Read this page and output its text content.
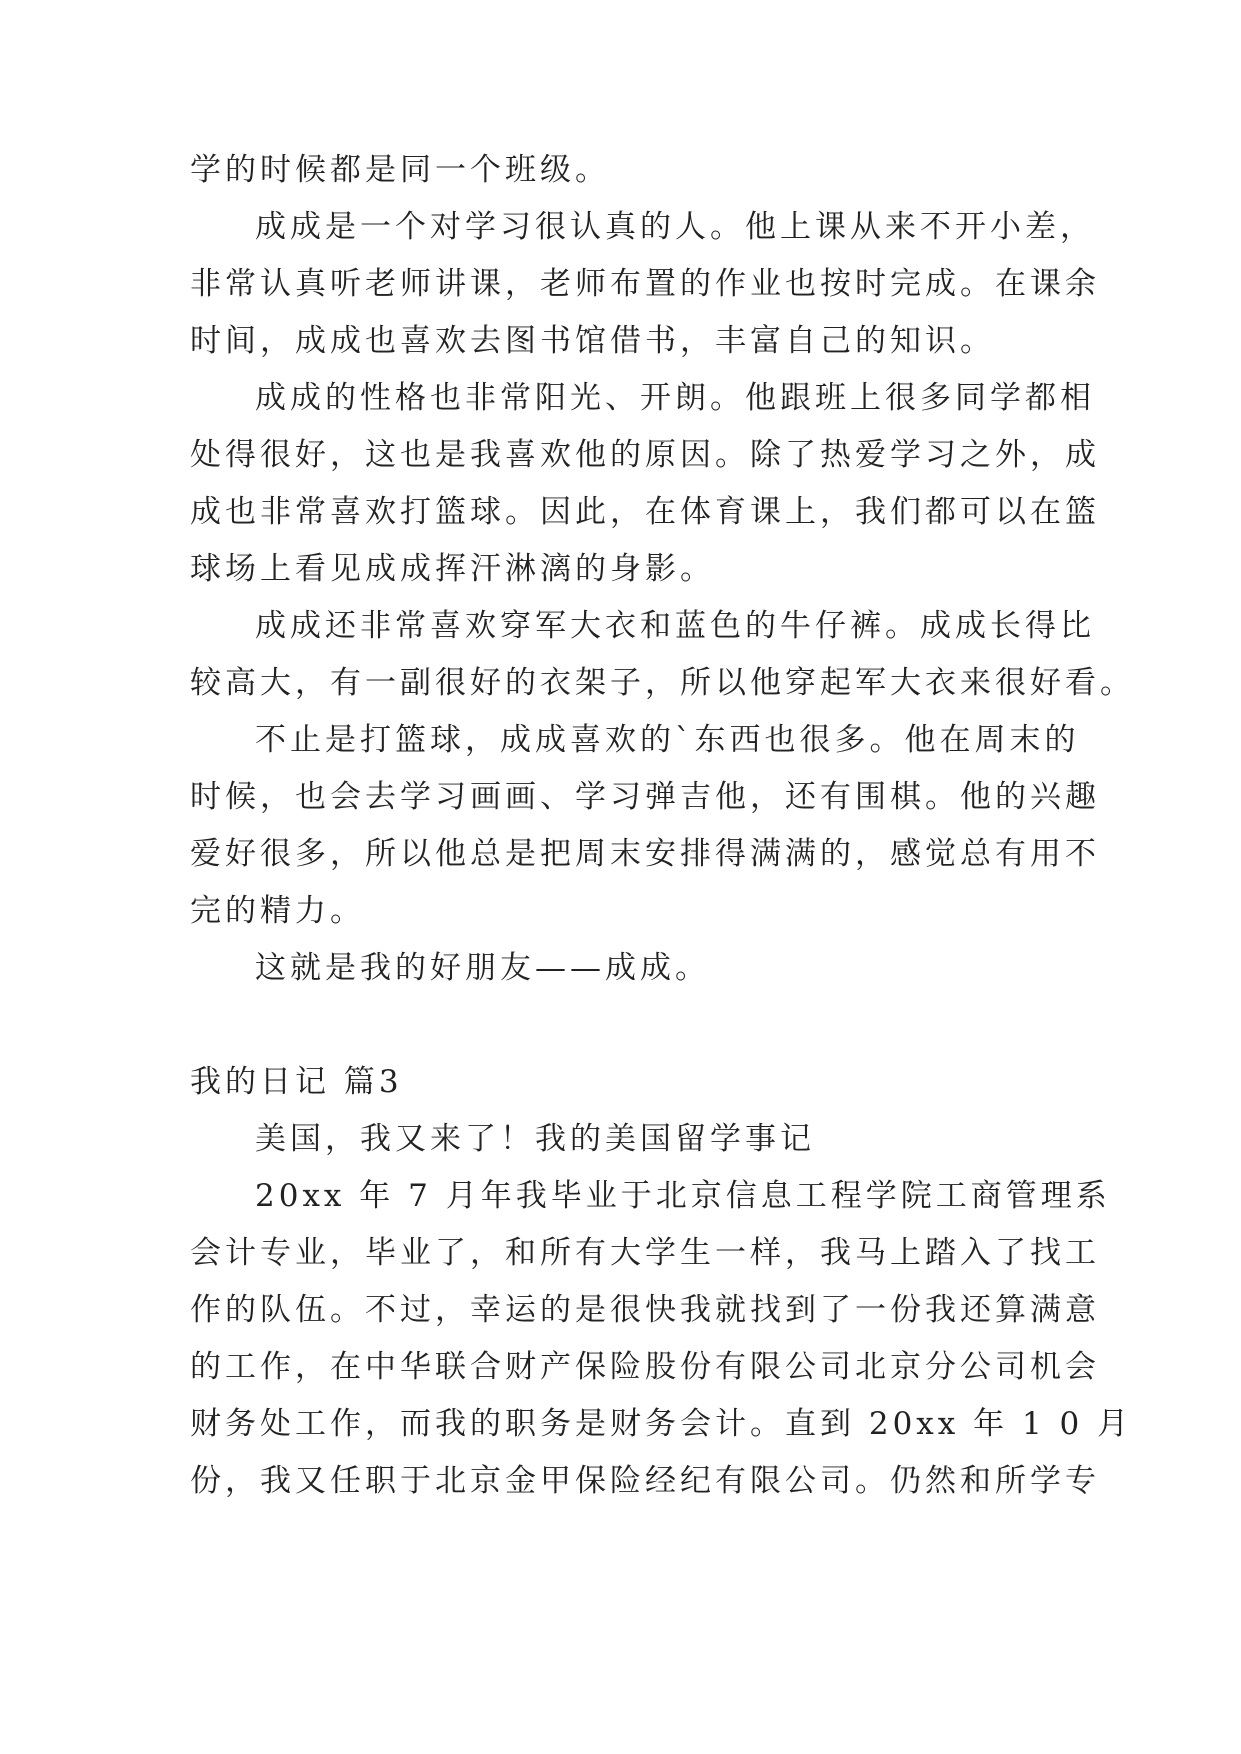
学的时候都是同一个班级。
成成是一个对学习很认真的人。他上课从来不开小差，
非常认真听老师讲课，老师布置的作业也按时完成。在课余
时间，成成也喜欢去图书馆借书，丰富自己的知识。
成成的性格也非常阳光、开朗。他跟班上很多同学都相
处得很好，这也是我喜欢他的原因。除了热爱学习之外，成
成也非常喜欢打篮球。因此，在体育课上，我们都可以在篮
球场上看见成成挥汗淋漓的身影。
成成还非常喜欢穿军大衣和蓝色的牛仔裤。成成长得比
较高大，有一副很好的衣架子，所以他穿起军大衣来很好看。
不止是打篮球，成成喜欢的`东西也很多。他在周末的
时候，也会去学习画画、学习弹吉他，还有围棋。他的兴趣
爱好很多，所以他总是把周末安排得满满的，感觉总有用不
完的精力。
这就是我的好朋友——成成。
我的日记 篇3
美国，我又来了！我的美国留学事记
20xx 年 7 月年我毕业于北京信息工程学院工商管理系
会计专业，毕业了，和所有大学生一样，我马上踏入了找工
作的队伍。不过，幸运的是很快我就找到了一份我还算满意
的工作，在中华联合财产保险股份有限公司北京分公司机会
财务处工作，而我的职务是财务会计。直到 20xx 年 1 0 月
份，我又任职于北京金甲保险经纪有限公司。仍然和所学专
